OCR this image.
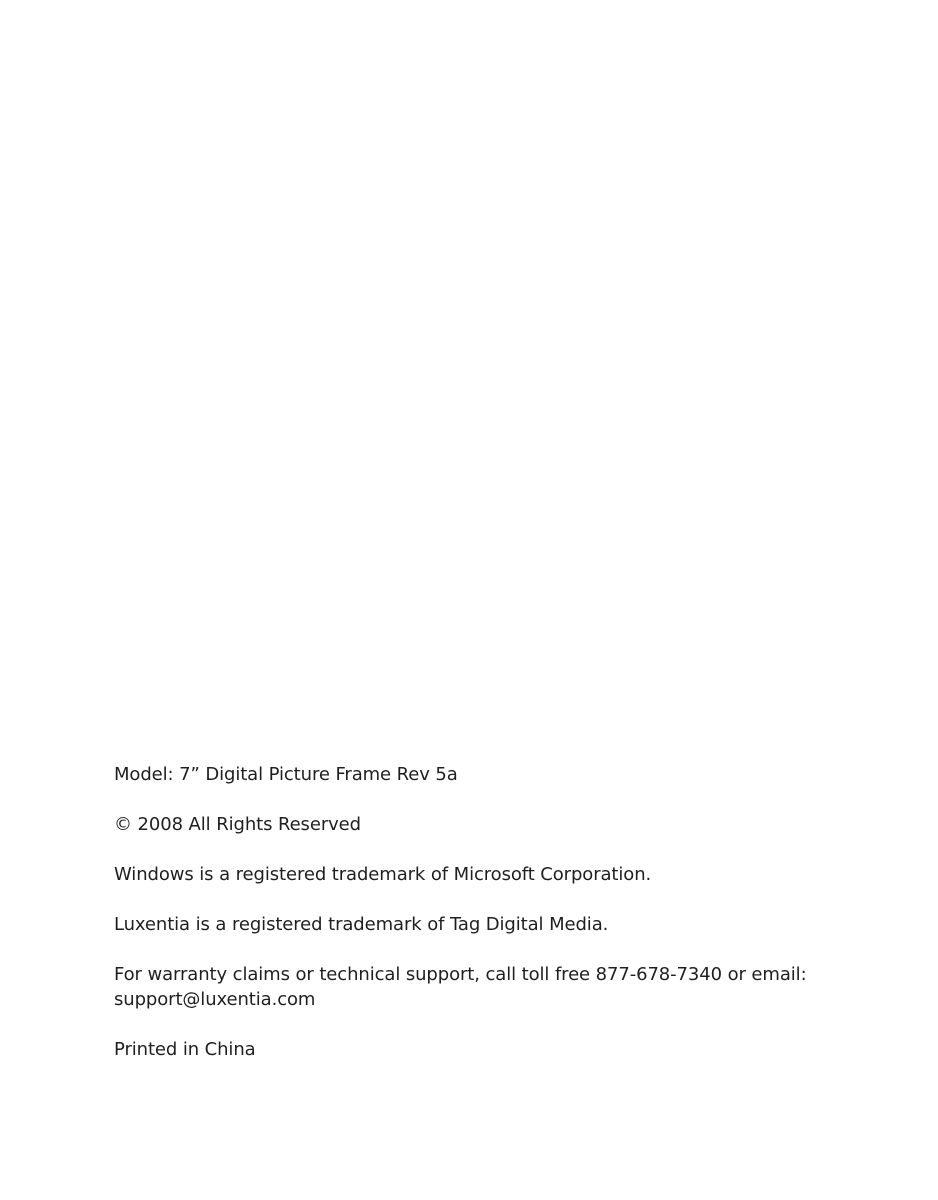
Model: 7” Digital Picture Frame Rev 5a

© 2008 All Rights Reserved

Windows is a registered trademark of Microsoft Corporation.

Luxentia is a registered trademark of Tag Digital Media.

For warranty claims or technical support, call toll free 877-678-7340 or email:
support@luxentia.com

Printed in China
